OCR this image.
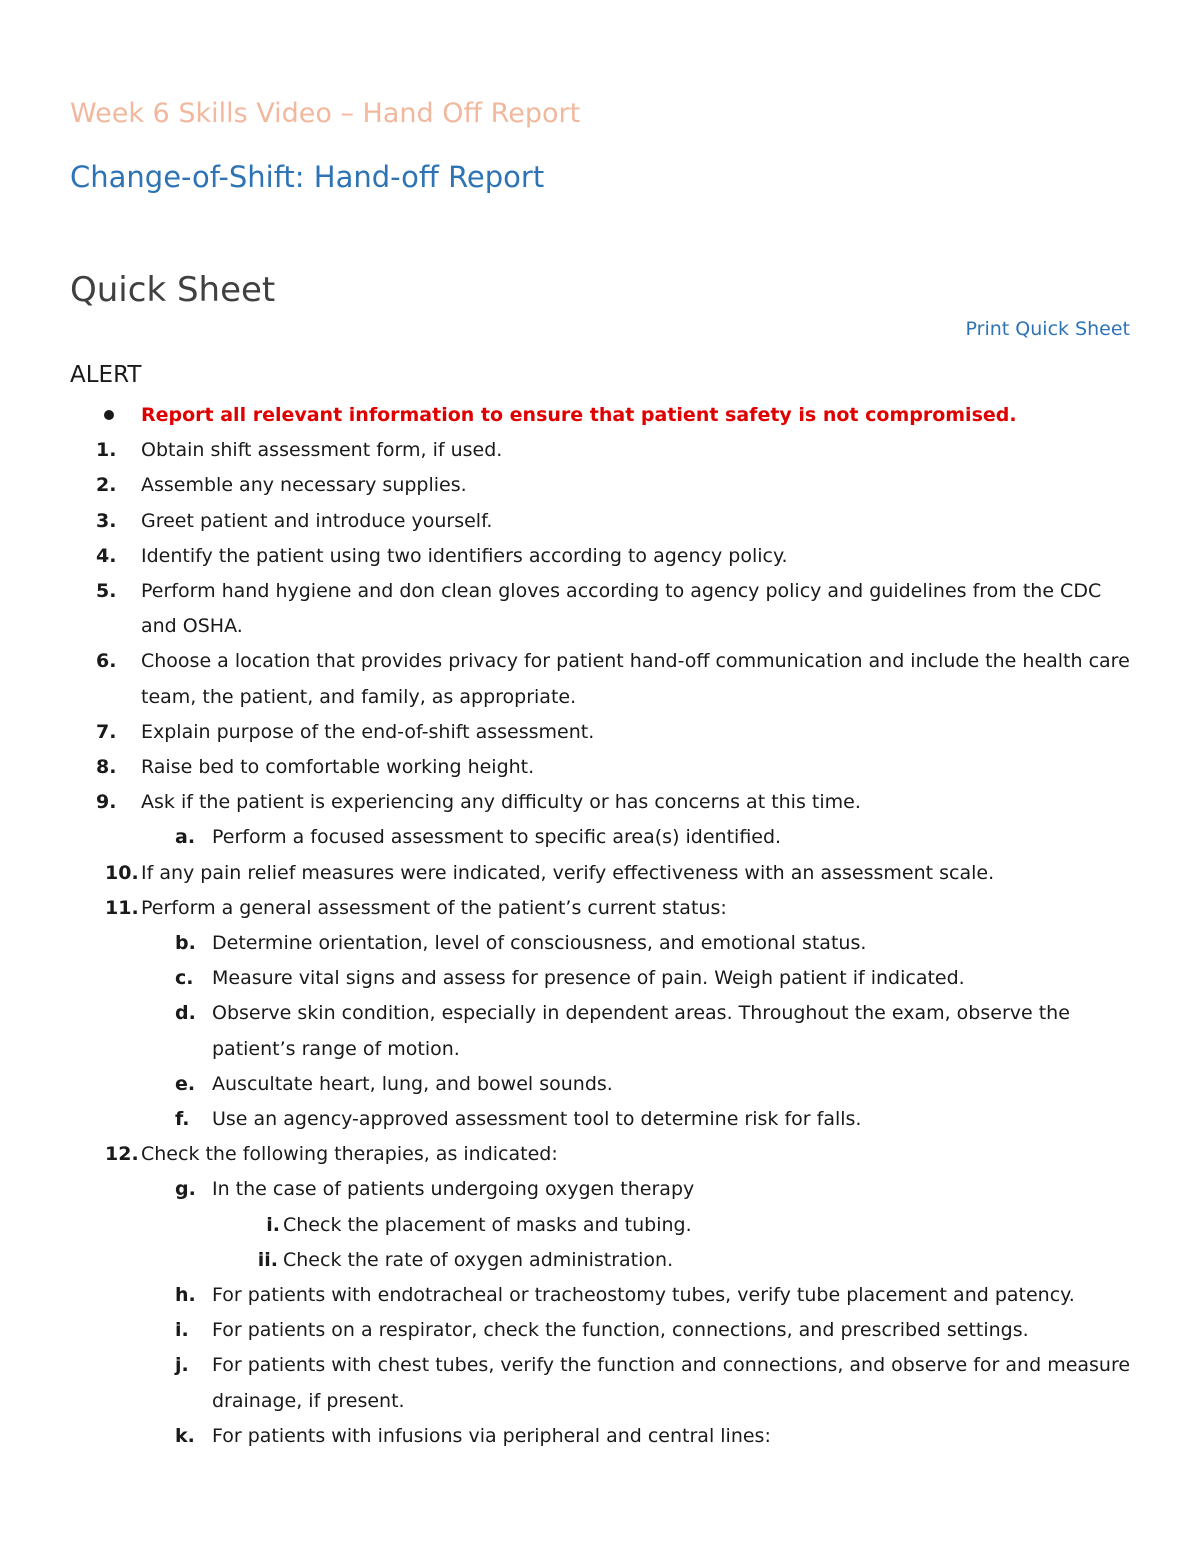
Week 6 Skills Video – Hand Off Report
Change-of-Shift: Hand-off Report
Quick Sheet
Print Quick Sheet
ALERT
Report all relevant information to ensure that patient safety is not compromised.
1.	Obtain shift assessment form, if used.
2.	Assemble any necessary supplies.
3.	Greet patient and introduce yourself.
4.	Identify the patient using two identifiers according to agency policy.
5.	Perform hand hygiene and don clean gloves according to agency policy and guidelines from the CDC and OSHA.
6.	Choose a location that provides privacy for patient hand-off communication and include the health care team, the patient, and family, as appropriate.
7.	Explain purpose of the end-of-shift assessment.
8.	Raise bed to comfortable working height.
9.	Ask if the patient is experiencing any difficulty or has concerns at this time.
a. Perform a focused assessment to specific area(s) identified.
10. If any pain relief measures were indicated, verify effectiveness with an assessment scale.
11. Perform a general assessment of the patient’s current status:
b. Determine orientation, level of consciousness, and emotional status.
c. Measure vital signs and assess for presence of pain. Weigh patient if indicated.
d. Observe skin condition, especially in dependent areas. Throughout the exam, observe the patient’s range of motion.
e. Auscultate heart, lung, and bowel sounds.
f.	Use an agency-approved assessment tool to determine risk for falls.
12. Check the following therapies, as indicated:
g. In the case of patients undergoing oxygen therapy
i. Check the placement of masks and tubing.
ii. Check the rate of oxygen administration.
h. For patients with endotracheal or tracheostomy tubes, verify tube placement and patency.
i.	For patients on a respirator, check the function, connections, and prescribed settings.
j.	For patients with chest tubes, verify the function and connections, and observe for and measure drainage, if present.
k. For patients with infusions via peripheral and central lines:
